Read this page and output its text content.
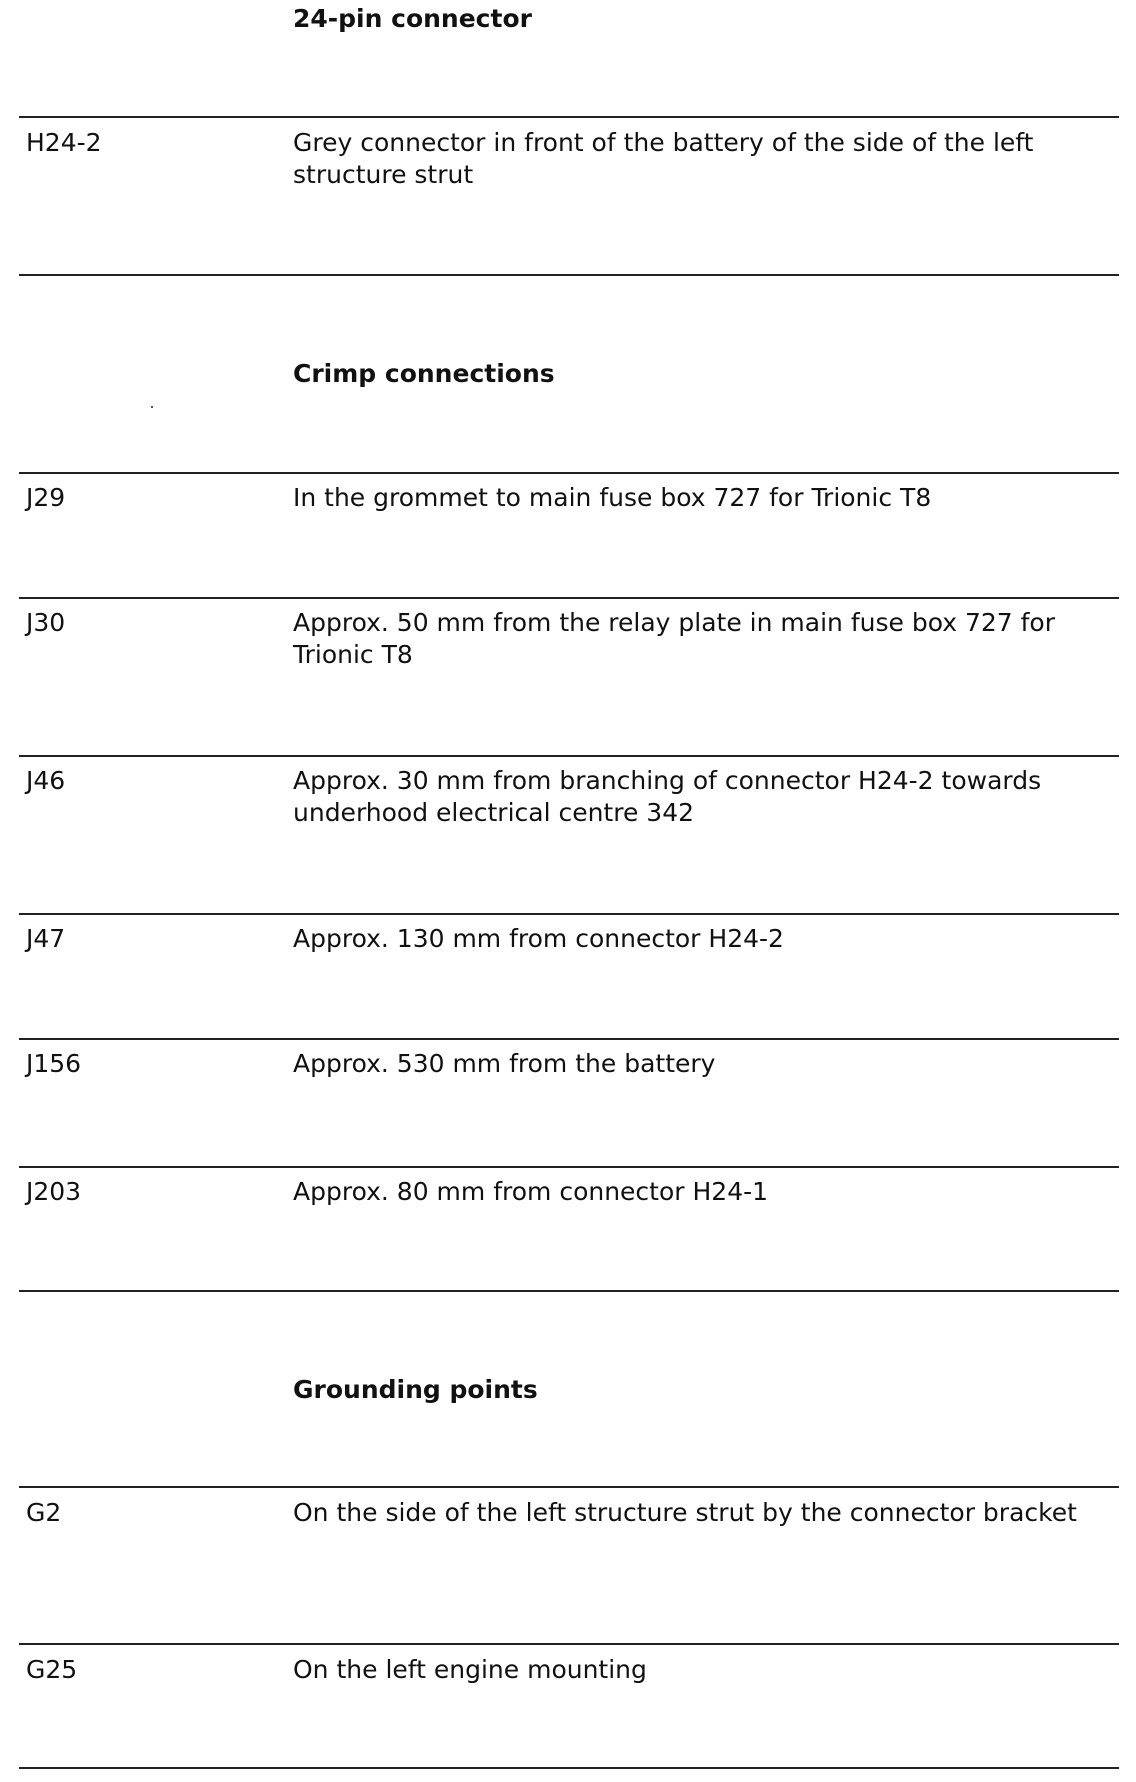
24-pin connector
H24-2	Grey connector in front of the battery of the side of the left structure strut
Crimp connections
J29	In the grommet to main fuse box 727 for Trionic T8
J30	Approx. 50 mm from the relay plate in main fuse box 727 for Trionic T8
J46	Approx. 30 mm from branching of connector H24-2 towards underhood electrical centre 342
J47	Approx. 130 mm from connector H24-2
J156	Approx. 530 mm from the battery
J203	Approx. 80 mm from connector H24-1
Grounding points
G2	On the side of the left structure strut by the connector bracket
G25	On the left engine mounting
